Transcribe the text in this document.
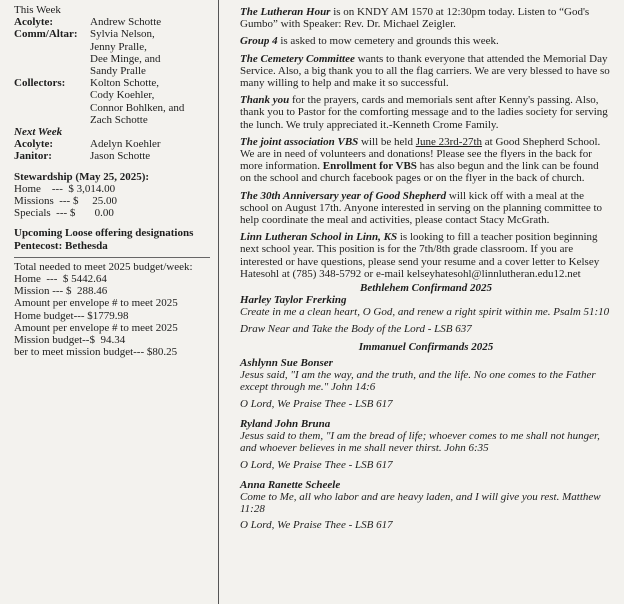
This Week
Acolyte:	Andrew Schotte
Comm/Altar:	Sylvia Nelson,
Jenny Pralle,
Dee Minge, and
Sandy Pralle
Collectors:	Kolton Schotte,
Cody Koehler,
Connor Bohlken, and
Zach Schotte
Next Week
Acolyte:	Adelyn Koehler
Janitor:	Jason Schotte
Stewardship (May 25, 2025):
Home    ---  $ 3,014.00
Missions  --- $     25.00
Specials  --- $       0.00
Upcoming Loose offering designations
Pentecost: Bethesda
Total needed to meet 2025 budget/week:
Home  ---  $ 5442.64
Mission --- $  288.46
Amount per envelope # to meet 2025
Home budget--- $1779.98
Amount per envelope # to meet 2025
Mission budget--$  94.34
ber to meet mission budget--- $80.25

The Lutheran Hour is on KNDY AM 1570 at 12:30pm today. Listen to “God's Gumbo” with Speaker: Rev. Dr. Michael Zeigler.

Group 4 is asked to mow cemetery and grounds this week.

The Cemetery Committee wants to thank everyone that attended the Memorial Day Service. Also, a big thank you to all the flag carriers. We are very blessed to have so many willing to help and make it so successful.

Thank you for the prayers, cards and memorials sent after Kenny's passing. Also, thank you to Pastor for the comforting message and to the ladies society for serving the lunch. We truly appreciated it.-Kenneth Crome Family.

The joint association VBS will be held June 23rd-27th at Good Shepherd School. We are in need of volunteers and donations! Please see the flyers in the back for more information. Enrollment for VBS has also begun and the link can be found on the school and church facebook pages or on the flyer in the back of church.

The 30th Anniversary year of Good Shepherd will kick off with a meal at the school on August 17th. Anyone interested in serving on the planning committee to help coordinate the meal and activities, please contact Stacy McGrath.

Linn Lutheran School in Linn, KS is looking to fill a teacher position beginning next school year. This position is for the 7th/8th grade classroom. If you are interested or have questions, please send your resume and a cover letter to Kelsey Hatesohl at (785) 348-5792 or e-mail kelseyhatesohl@linnlutheran.edu12.net

Bethlehem Confirmand 2025
Harley Taylor Frerking
Create in me a clean heart, O God, and renew a right spirit within me. Psalm 51:10
Draw Near and Take the Body of the Lord - LSB 637
Immanuel Confirmands 2025
Ashlynn Sue Bonser
Jesus said, "I am the way, and the truth, and the life. No one comes to the Father except through me." John 14:6
O Lord, We Praise Thee - LSB 617
Ryland John Bruna
Jesus said to them, "I am the bread of life; whoever comes to me shall not hunger, and whoever believes in me shall never thirst. John 6:35
O Lord, We Praise Thee - LSB 617
Anna Ranette Scheele
Come to Me, all who labor and are heavy laden, and I will give you rest. Matthew 11:28
O Lord, We Praise Thee - LSB 617
